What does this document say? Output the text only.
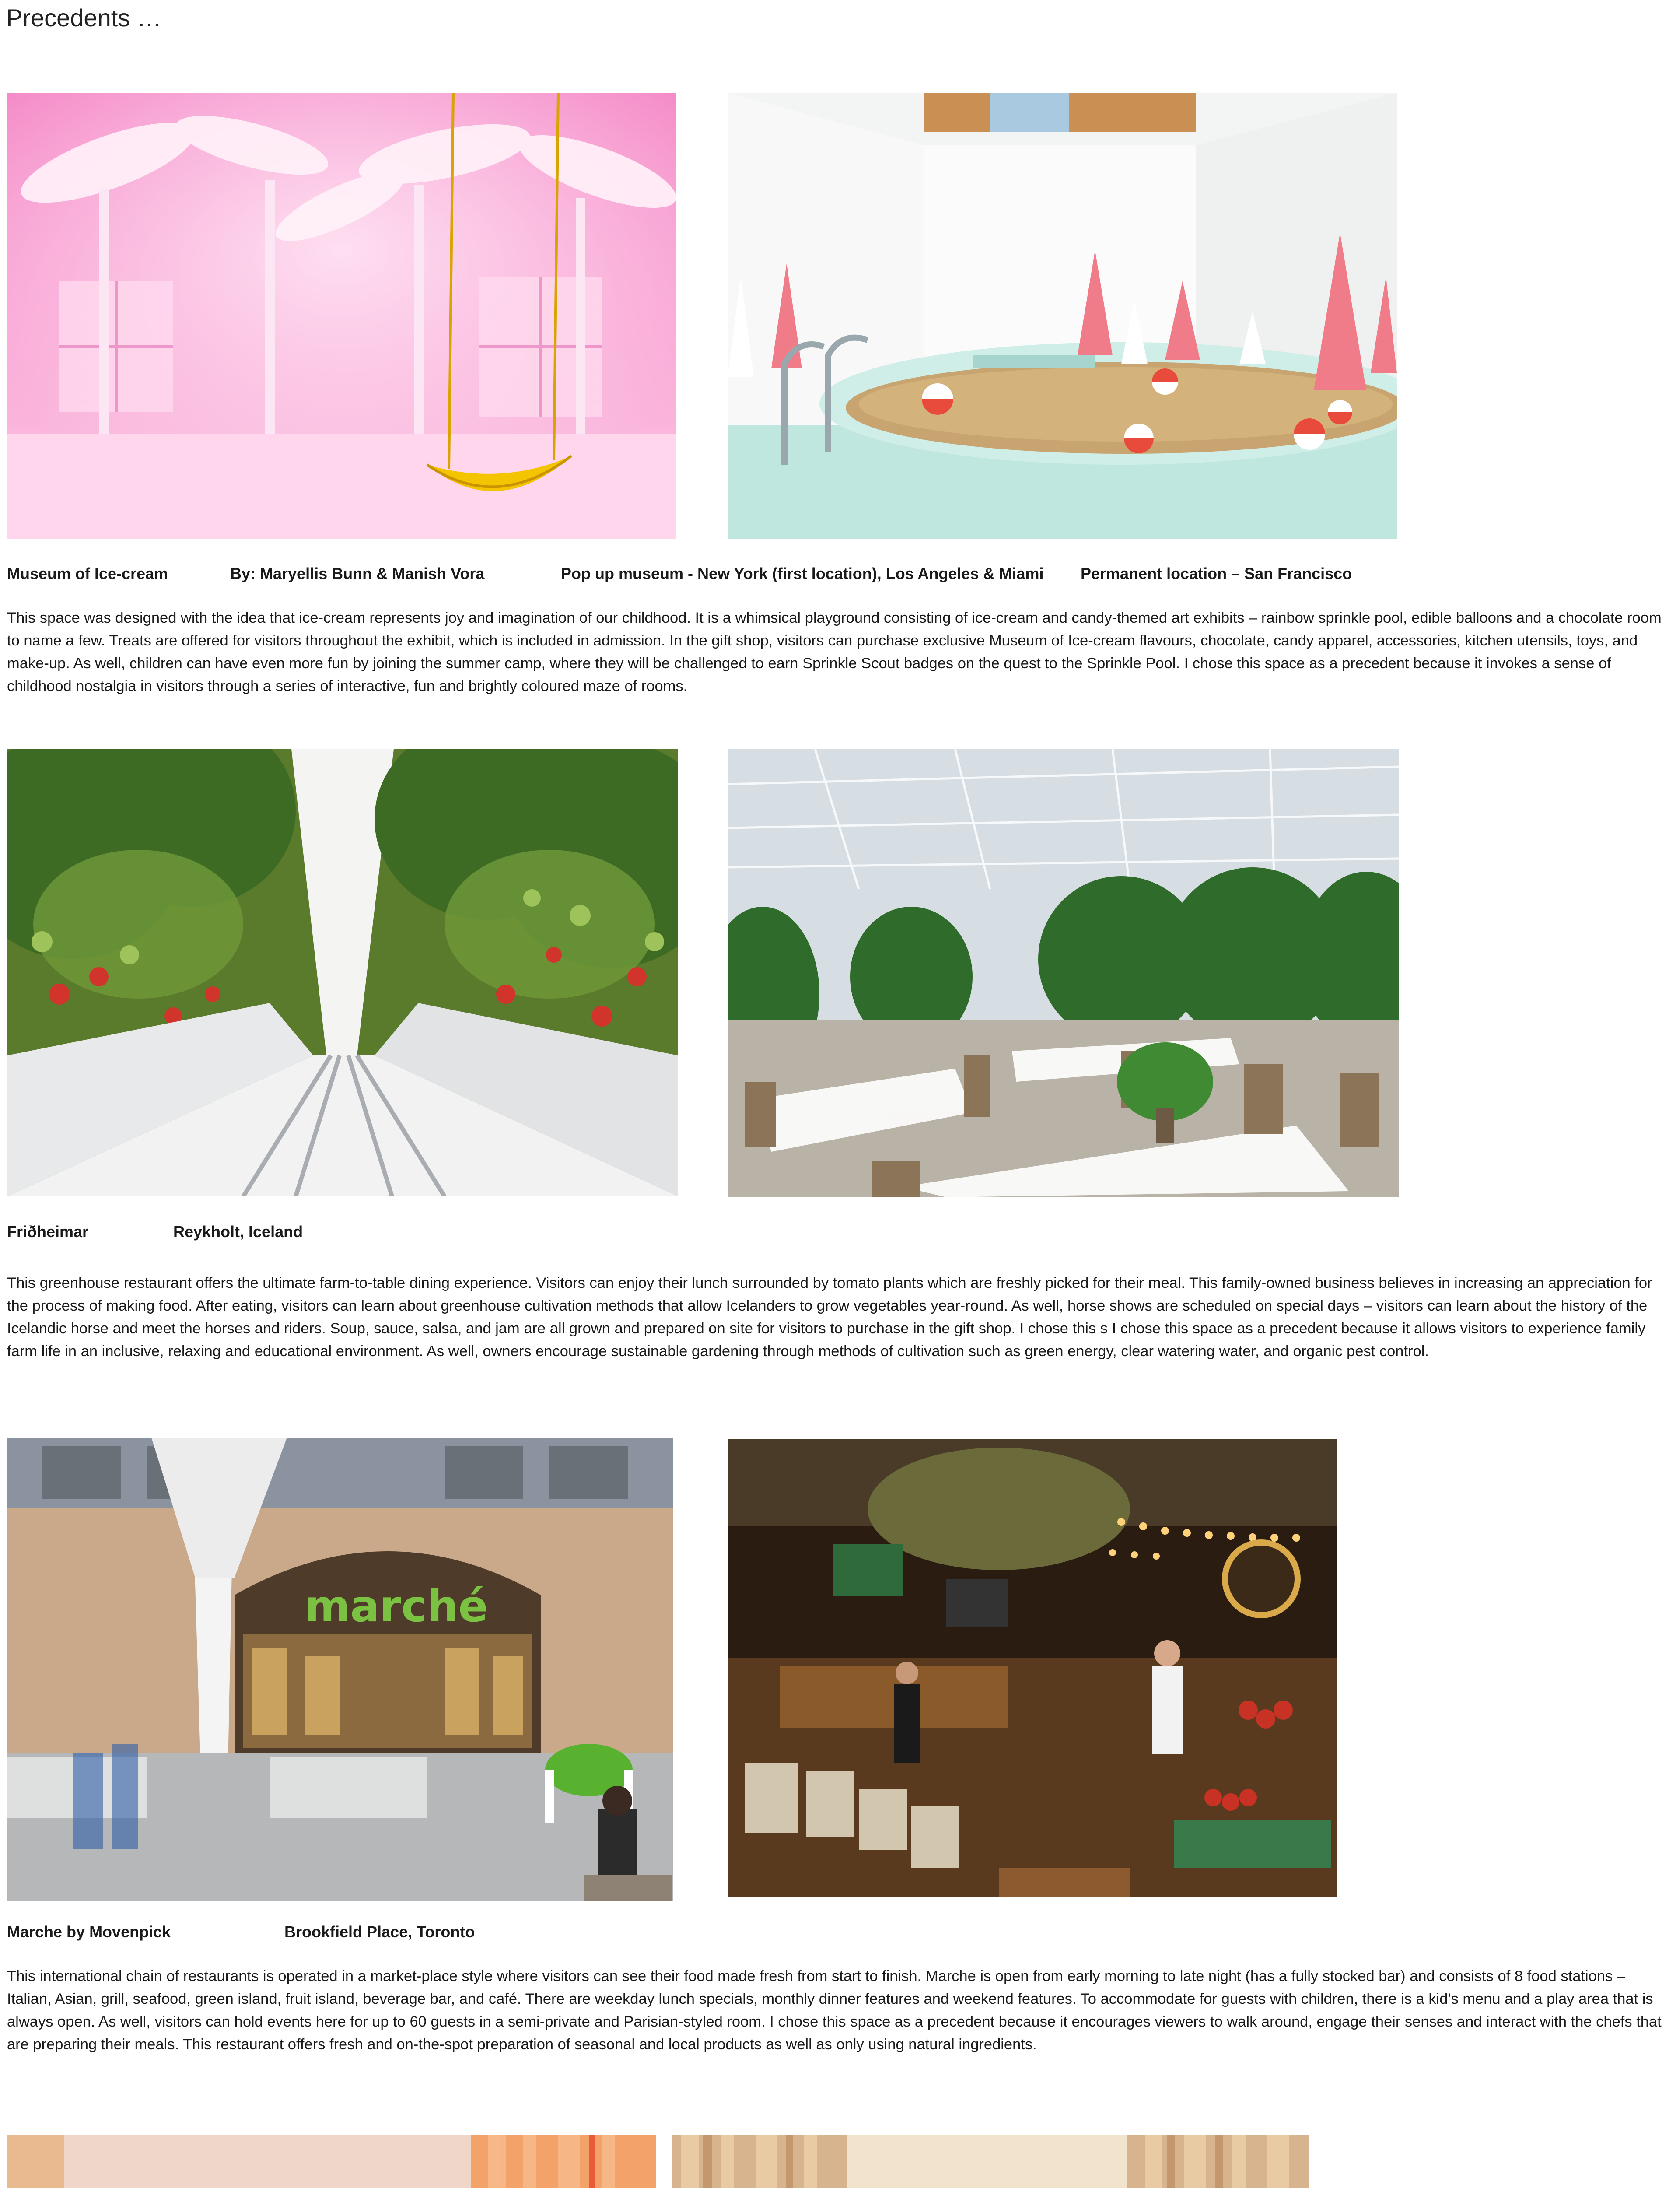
Precedents …
Museum of Ice-cream	By: Maryellis Bunn & Manish Vora	Pop up museum - New York (first location), Los Angeles & Miami Permanent location – San Francisco

This space was designed with the idea that ice-cream represents joy and imagination of our childhood. It is a whimsical playground consisting of ice-cream and candy-themed art exhibits – rainbow sprinkle pool, edible balloons and a chocolate room to name a few. Treats are offered for visitors throughout the exhibit, which is included in admission. In the gift shop, visitors can purchase exclusive Museum of Ice-cream flavours, chocolate, candy apparel, accessories, kitchen utensils, toys, and make-up. As well, children can have even more fun by joining the summer camp, where they will be challenged to earn Sprinkle Scout badges on the quest to the Sprinkle Pool. I chose this space as a precedent because it invokes a sense of childhood nostalgia in visitors through a series of interactive, fun and brightly coloured maze of rooms.

Friðheimar	Reykholt, Iceland

This greenhouse restaurant offers the ultimate farm-to-table dining experience. Visitors can enjoy their lunch surrounded by tomato plants which are freshly picked for their meal. This family-owned business believes in increasing an appreciation for the process of making food. After eating, visitors can learn about greenhouse cultivation methods that allow Icelanders to grow vegetables year-round. As well, horse shows are scheduled on special days – visitors can learn about the history of the Icelandic horse and meet the horses and riders. Soup, sauce, salsa, and jam are all grown and prepared on site for visitors to purchase in the gift shop. I chose this s I chose this space as a precedent because it allows visitors to experience family farm life in an inclusive, relaxing and educational environment. As well, owners encourage sustainable gardening through methods of cultivation such as green energy, clear watering water, and organic pest control.

marché
Marche by Movenpick	Brookfield Place, Toronto

This international chain of restaurants is operated in a market-place style where visitors can see their food made fresh from start to finish. Marche is open from early morning to late night (has a fully stocked bar) and consists of 8 food stations – Italian, Asian, grill, seafood, green island, fruit island, beverage bar, and café. There are weekday lunch specials, monthly dinner features and weekend features. To accommodate for guests with children, there is a kid’s menu and a play area that is always open. As well, visitors can hold events here for up to 60 guests in a semi-private and Parisian-styled room. I chose this space as a precedent because it encourages viewers to walk around, engage their senses and interact with the chefs that are preparing their meals. This restaurant offers fresh and on-the-spot preparation of seasonal and local products as well as only using natural ingredients.
